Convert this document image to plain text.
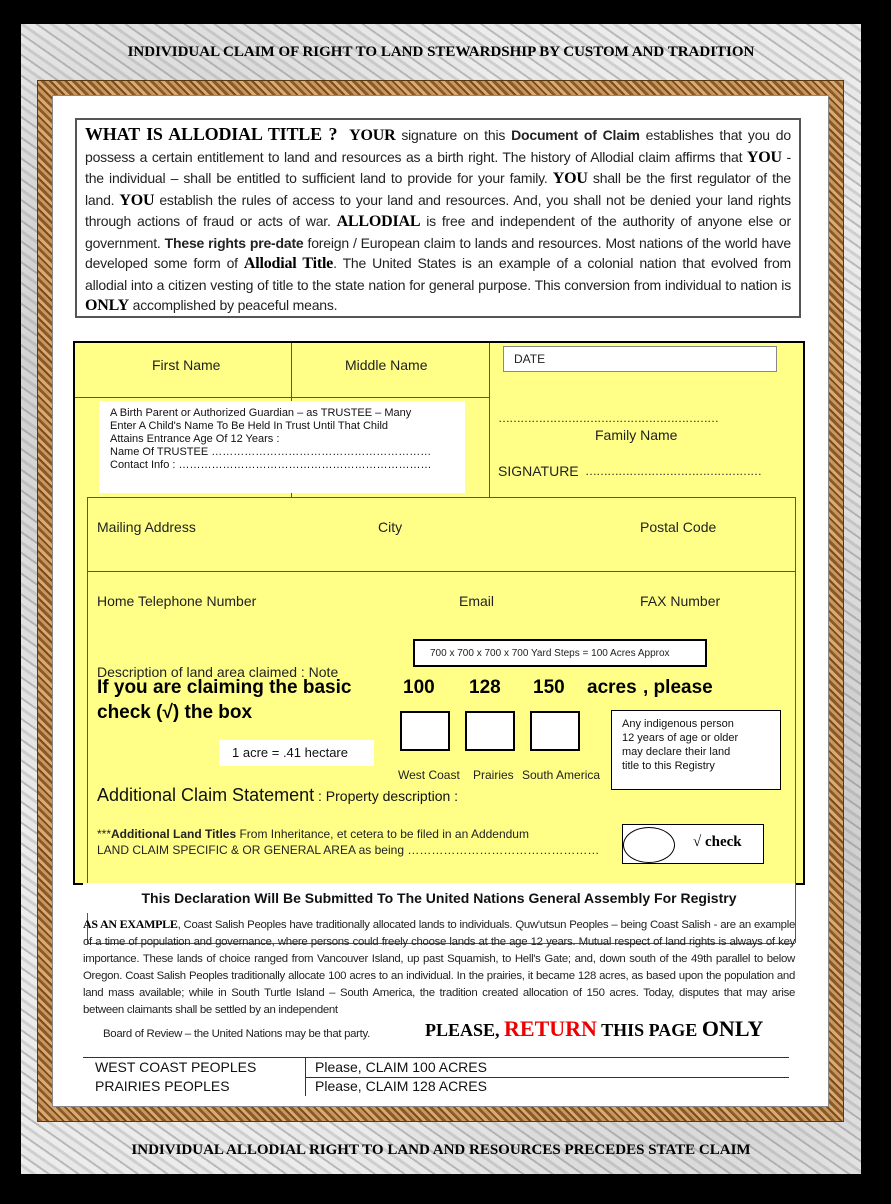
INDIVIDUAL CLAIM OF RIGHT TO LAND STEWARDSHIP BY CUSTOM AND TRADITION
WHAT IS ALLODIAL TITLE ? YOUR signature on this Document of Claim establishes that you do possess a certain entitlement to land and resources as a birth right. The history of Allodial claim affirms that YOU - the individual – shall be entitled to sufficient land to provide for your family. YOU shall be the first regulator of the land. YOU establish the rules of access to your land and resources. And, you shall not be denied your land rights through actions of fraud or acts of war. ALLODIAL is free and independent of the authority of anyone else or government. These rights pre-date foreign / European claim to lands and resources. Most nations of the world have developed some form of Allodial Title. The United States is an example of a colonial nation that evolved from allodial into a citizen vesting of title to the state nation for general purpose. This conversion from individual to nation is ONLY accomplished by peaceful means.
First Name	Middle Name	DATE
……………………………………………………
Family Name
SIGNATURE …………………………………………
A Birth Parent or Authorized Guardian – as TRUSTEE – Many
Enter A Child's Name To Be Held In Trust Until That Child
Attains Entrance Age Of 12 Years :
Name Of TRUSTEE ……………………………………………………
Contact Info : ……………………………………………………………
Mailing Address	City	Postal Code
Home Telephone Number	Email	FAX Number
Description of land area claimed : Note
700 x 700 x 700 x 700 Yard Steps = 100 Acres Approx
If you are claiming the basic	100 128 150 acres , please
check (√) the box
1 acre = .41 hectare
West Coast Prairies South America
Any indigenous person
12 years of age or older
may declare their land
title to this Registry
Additional Claim Statement : Property description :
***Additional Land Titles From Inheritance, et cetera to be filed in an Addendum
LAND CLAIM SPECIFIC & OR GENERAL AREA as being …………………………………………	√ check
This Declaration Will Be Submitted To The United Nations General Assembly For Registry
AS AN EXAMPLE, Coast Salish Peoples have traditionally allocated lands to individuals. Quw'utsun Peoples – being Coast Salish - are an example of a time of population and governance, where persons could freely choose lands at the age 12 years. Mutual respect of land rights is always of key importance. These lands of choice ranged from Vancouver Island, up past Squamish, to Hell's Gate; and, down south of the 49th parallel to below Oregon. Coast Salish Peoples traditionally allocate 100 acres to an individual. In the prairies, it became 128 acres, as based upon the population and land mass available; while in South Turtle Island – South America, the tradition created allocation of 150 acres. Today, disputes that may arise between claimants shall be settled by an independent
Board of Review – the United Nations may be that party.	PLEASE, RETURN THIS PAGE ONLY
WEST COAST PEOPLES	Please, CLAIM 100 ACRES
PRAIRIES PEOPLES	Please, CLAIM 128 ACRES
INDIVIDUAL ALLODIAL RIGHT TO LAND AND RESOURCES PRECEDES STATE CLAIM
